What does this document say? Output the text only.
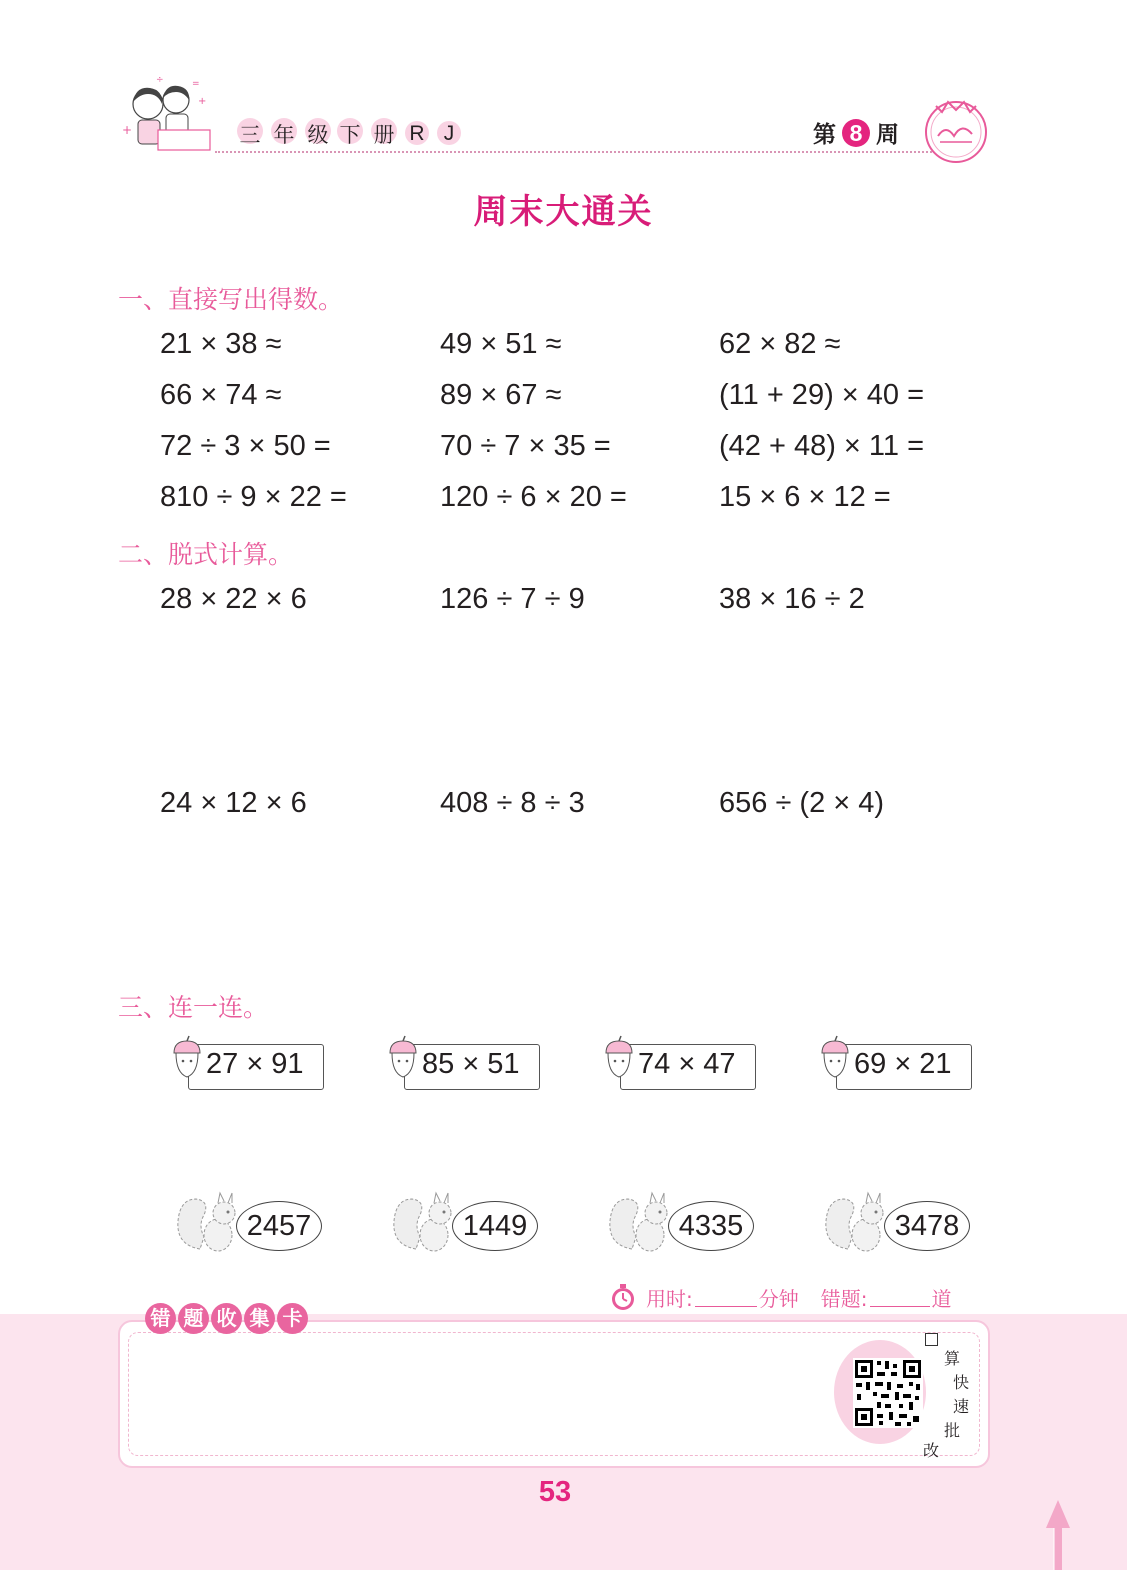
+
+
÷	=
三 年 级 下 册 R J	第 8 周
周末大通关
一、直接写出得数。
21 × 38 ≈	49 × 51 ≈	62 × 82 ≈
66 × 74 ≈	89 × 67 ≈	(11 + 29) × 40 =
72 ÷ 3 × 50 =	70 ÷ 7 × 35 =	(42 + 48) × 11 =
810 ÷ 9 × 22 =	120 ÷ 6 × 20 =	15 × 6 × 12 =
二、脱式计算。
28 × 22 × 6	126 ÷ 7 ÷ 9	38 × 16 ÷ 2
24 × 12 × 6	408 ÷ 8 ÷ 3	656 ÷ (2 × 4)
三、连一连。
27 × 91	85 × 51	74 × 47	69 × 21
2457	1449	4335	3478
用时:	分钟 错题:	道
错 题 收 集 卡
算
快
速
批
改
53
